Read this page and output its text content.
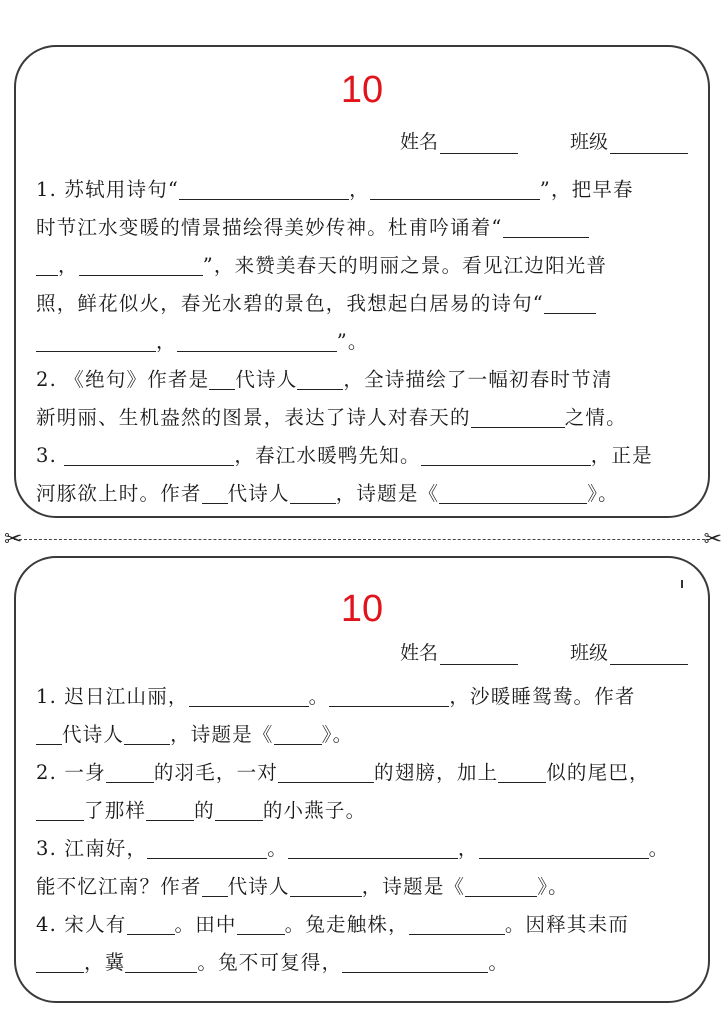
10
姓名	班级
1. 苏轼用诗句“	，	”，把早春
时节江水变暖的情景描绘得美妙传神。杜甫吟诵着“
，	”，来赞美春天的明丽之景。看见江边阳光普
照，鲜花似火，春光水碧的景色，我想起白居易的诗句“
，	”。
2. 《绝句》作者是 代诗人 ，全诗描绘了一幅初春时节清
新明丽、生机盎然的图景，表达了诗人对春天的	之情。
3.	，春江水暖鸭先知。	，正是
河豚欲上时。作者 代诗人 ，诗题是《	》。
✂	✂
10
姓名	班级
1. 迟日江山丽，	。	，沙暖睡鸳鸯。作者
代诗人 ，诗题是《 》。
2. 一身 的羽毛，一对	的翅膀，加上 似的尾巴，
了那样 的 的小燕子。
3. 江南好，	。	，	。
能不忆江南？作者 代诗人	，诗题是《	》。
4. 宋人有 。田中 。兔走触株，	。因释其耒而
，冀	。兔不可复得，	。
